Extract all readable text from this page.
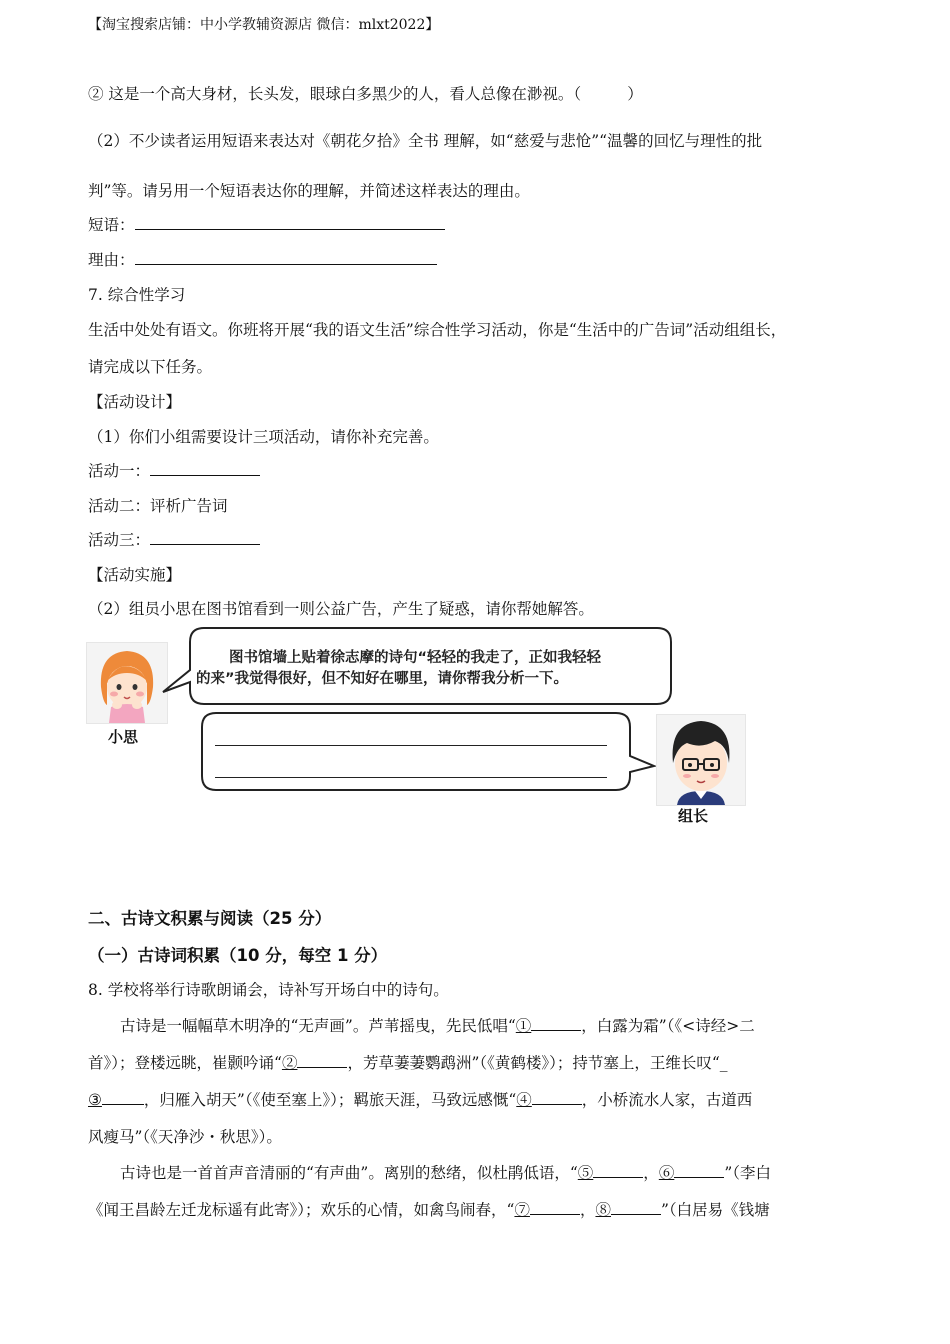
【淘宝搜索店铺：中小学教辅资源店 微信：mlxt2022】
② 这是一个高大身材，长头发，眼球白多黑少的人，看人总像在渺视。（	）
（2）不少读者运用短语来表达对《朝花夕拾》全书 理解，如“慈爱与悲怆”“温馨的回忆与理性的批
判”等。请另用一个短语表达你的理解，并简述这样表达的理由。
短语：
理由：
7. 综合性学习
生活中处处有语文。你班将开展“我的语文生活”综合性学习活动，你是“生活中的广告词”活动组组长，
请完成以下任务。
【活动设计】
（1）你们小组需要设计三项活动，请你补充完善。
活动一：
活动二：评析广告词
活动三：
【活动实施】
（2）组员小思在图书馆看到一则公益广告，产生了疑惑，请你帮她解答。
小思
图书馆墙上贴着徐志摩的诗句“轻轻的我走了，正如我轻轻
的来”我觉得很好，但不知好在哪里，请你帮我分析一下。
组长
二、古诗文积累与阅读（25 分）
（一）古诗词积累（10 分，每空 1 分）
8. 学校将举行诗歌朗诵会，诗补写开场白中的诗句。
古诗是一幅幅草木明净的“无声画”。芦苇摇曳，先民低唱“①	，白露为霜”（《<诗经>二
首》）；登楼远眺，崔颢吟诵“②	，芳草萋萋鹦鹉洲”（《黄鹤楼》）；持节塞上，王维长叹“_
③	，归雁入胡天”（《使至塞上》）；羁旅天涯，马致远感慨“④	，小桥流水人家，古道西
风瘦马”（《天净沙・秋思》）。
古诗也是一首首声音清丽的“有声曲”。离别的愁绪，似杜鹃低语，“⑤	，⑥	”（李白
《闻王昌龄左迁龙标遥有此寄》）；欢乐的心情，如禽鸟闹春，“⑦	，⑧	”（白居易《钱塘
